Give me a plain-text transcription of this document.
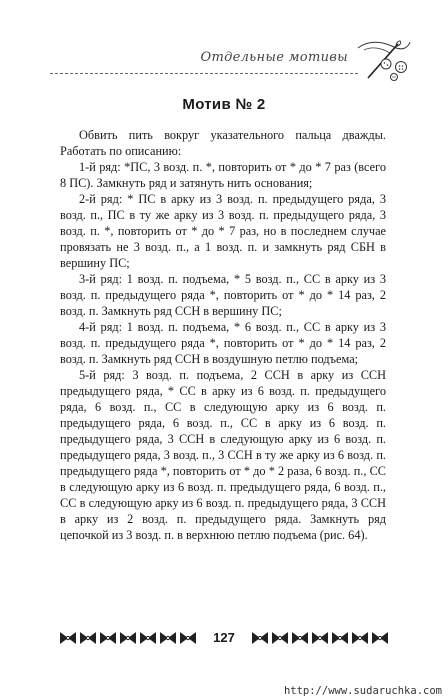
Отдельные мотивы
Мотив № 2

Обвить пить вокруг указательного пальца дважды. Работать по описанию:

1-й ряд: *ПС, 3 возд. п. *, повторить от * до * 7 раз (всего 8 ПС). Замкнуть ряд и затянуть нить основания;

2-й ряд: * ПС в арку из 3 возд. п. предыдущего ряда, 3 возд. п., ПС в ту же арку из 3 возд. п. предыдущего ряда, 3 возд. п. *, повторить от * до * 7 раз, но в последнем случае провязать не 3 возд. п., а 1 возд. п. и замкнуть ряд СБН в вершину ПС;

3-й ряд: 1 возд. п. подъема, * 5 возд. п., СС в арку из 3 возд. п. предыдущего ряда *, повторить от * до * 14 раз, 2 возд. п. Замкнуть ряд ССН в вершину ПС;

4-й ряд: 1 возд. п. подъема, * 6 возд. п., СС в арку из 3 возд. п. предыдущего ряда *, повторить от * до * 14 раз, 2 возд. п. Замкнуть ряд ССН в воздушную петлю подъема;

5-й ряд: 3 возд. п. подъема, 2 ССН в арку из ССН предыдущего ряда, * СС в арку из 6 возд. п. предыдущего ряда, 6 возд. п., СС в следующую арку из 6 возд. п. предыдущего ряда, 6 возд. п., СС в арку из 6 возд. п. предыдущего ряда, 3 ССН в следующую арку из 6 возд. п. предыдущего ряда, 3 возд. п., 3 ССН в ту же арку из 6 возд. п. предыдущего ряда *, повторить от * до * 2 раза, 6 возд. п., СС в следующую арку из 6 возд. п. предыдущего ряда, 6 возд. п., СС в следующую арку из 6 возд. п. предыдущего ряда, 3 ССН в арку из 2 возд. п. предыдущего ряда. Замкнуть ряд цепочкой из 3 возд. п. в верхнюю петлю подъема (рис. 64).

127
http://www.sudaruchka.com
